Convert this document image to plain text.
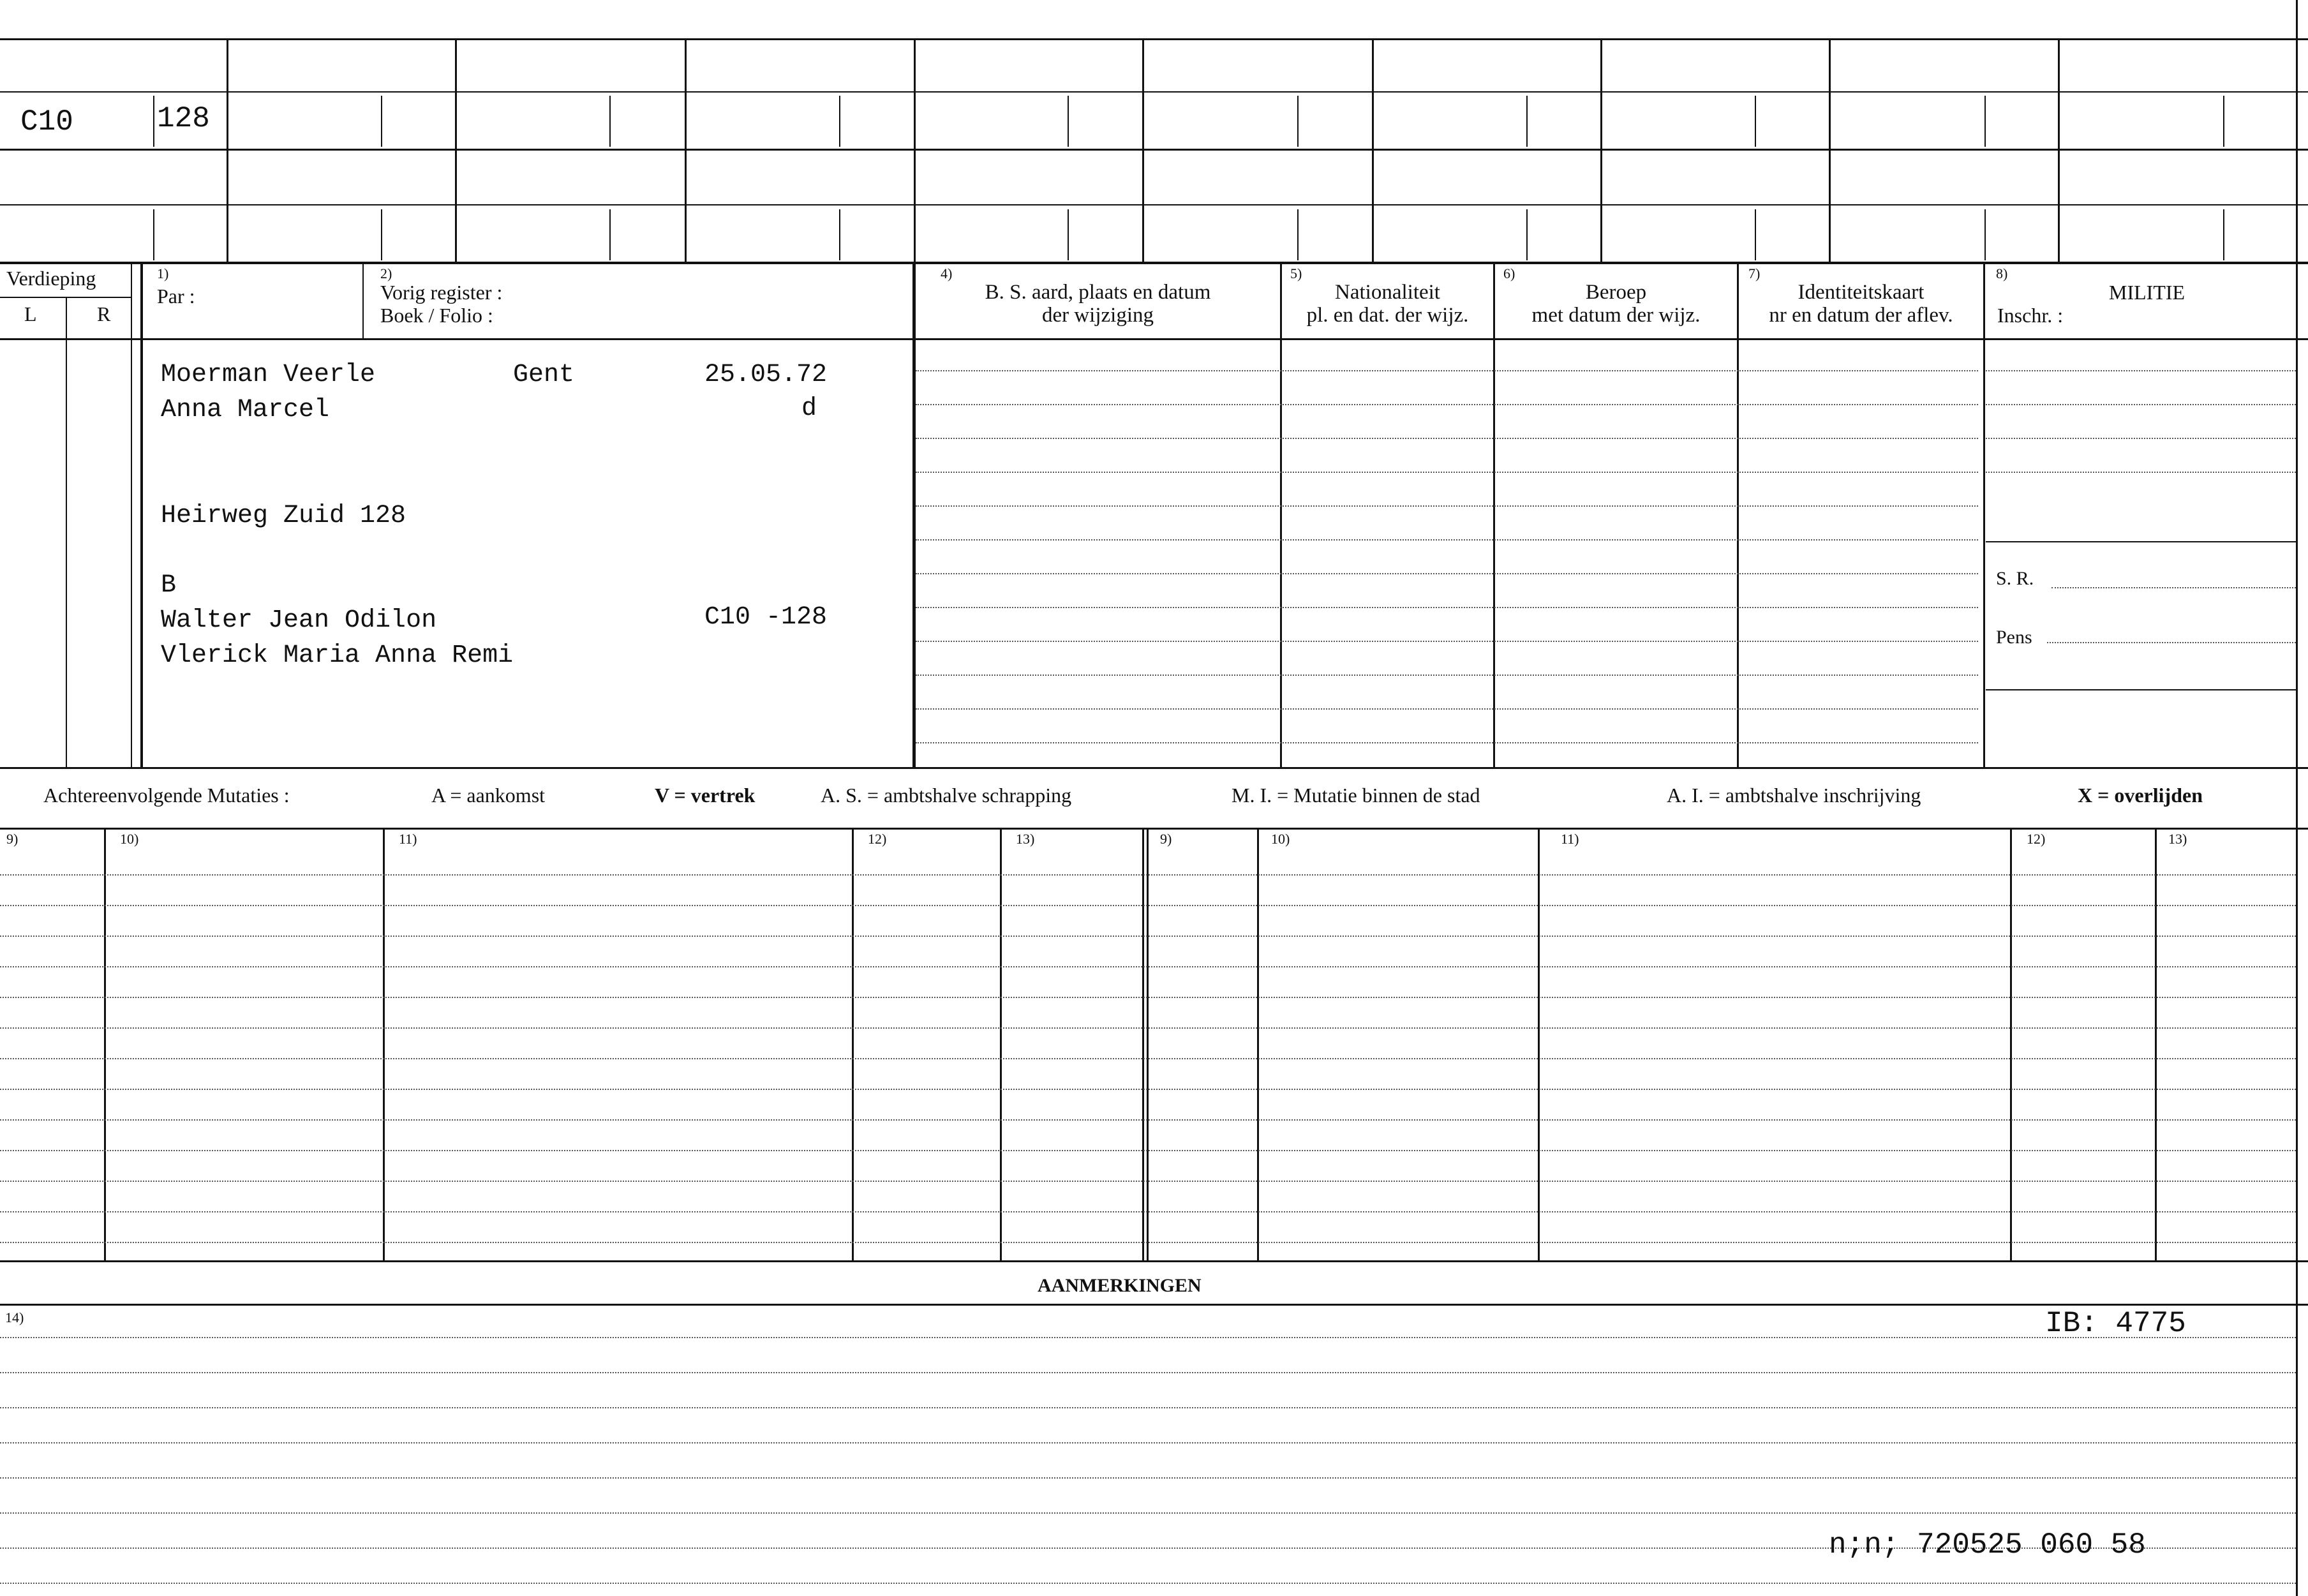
C10	128
Verdieping
L	R
1)
Par :
2)
Vorig register :
Boek / Folio :
4)
B. S. aard, plaats en datum
der wijziging
5)
Nationaliteit
pl. en dat. der wijz.
6)
Beroep
met datum der wijz.
7)
Identiteitskaart
nr en datum der aflev.
8)
MILITIE
Inschr. :
S. R.
Pens
Moerman Veerle	Gent	25.05.72
Anna Marcel	d
Heirweg Zuid 128
B
Walter Jean Odilon	C10 -128
Vlerick Maria Anna Remi
Achtereenvolgende Mutaties :	A = aankomst	V = vertrek	A. S. = ambtshalve schrapping	M. I. = Mutatie binnen de stad	A. I. = ambtshalve inschrijving	X = overlijden
9)	10)	11)	12)	13)	9)	10)	11)	12)	13)
AANMERKINGEN
14)	IB: 4775
n;n; 720525 060 58
